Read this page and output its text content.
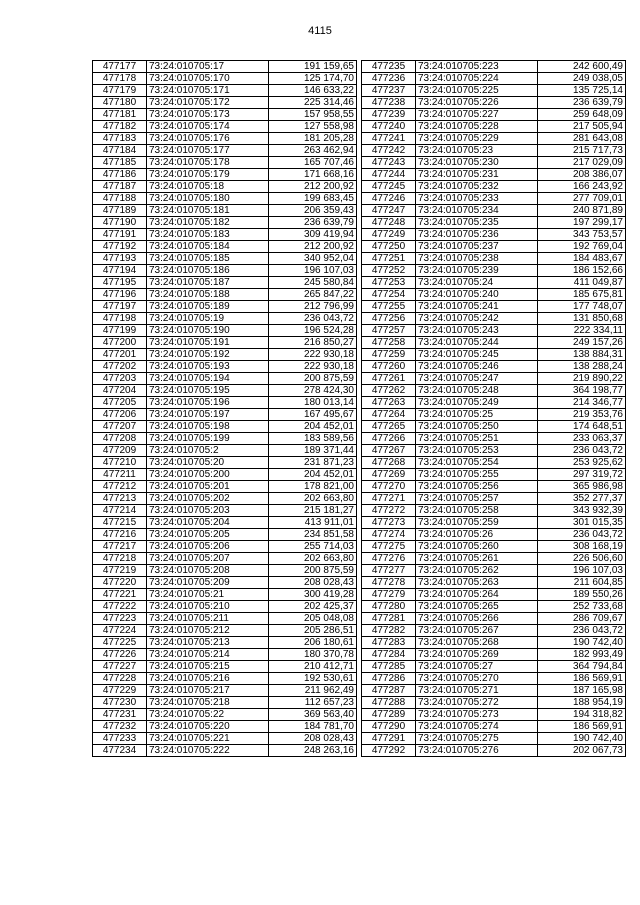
4115
477177	73:24:010705:17	191 159,65
477178	73:24:010705:170	125 174,70
477179	73:24:010705:171	146 633,22
477180	73:24:010705:172	225 314,46
477181	73:24:010705:173	157 958,55
477182	73:24:010705:174	127 558,98
477183	73:24:010705:176	181 205,28
477184	73:24:010705:177	263 462,94
477185	73:24:010705:178	165 707,46
477186	73:24:010705:179	171 668,16
477187	73:24:010705:18	212 200,92
477188	73:24:010705:180	199 683,45
477189	73:24:010705:181	206 359,43
477190	73:24:010705:182	236 639,79
477191	73:24:010705:183	309 419,94
477192	73:24:010705:184	212 200,92
477193	73:24:010705:185	340 952,04
477194	73:24:010705:186	196 107,03
477195	73:24:010705:187	245 580,84
477196	73:24:010705:188	265 847,22
477197	73:24:010705:189	212 796,99
477198	73:24:010705:19	236 043,72
477199	73:24:010705:190	196 524,28
477200	73:24:010705:191	216 850,27
477201	73:24:010705:192	222 930,18
477202	73:24:010705:193	222 930,18
477203	73:24:010705:194	200 875,59
477204	73:24:010705:195	278 424,30
477205	73:24:010705:196	180 013,14
477206	73:24:010705:197	167 495,67
477207	73:24:010705:198	204 452,01
477208	73:24:010705:199	183 589,56
477209	73:24:010705:2	189 371,44
477210	73:24:010705:20	231 871,23
477211	73:24:010705:200	204 452,01
477212	73:24:010705:201	178 821,00
477213	73:24:010705:202	202 663,80
477214	73:24:010705:203	215 181,27
477215	73:24:010705:204	413 911,01
477216	73:24:010705:205	234 851,58
477217	73:24:010705:206	255 714,03
477218	73:24:010705:207	202 663,80
477219	73:24:010705:208	200 875,59
477220	73:24:010705:209	208 028,43
477221	73:24:010705:21	300 419,28
477222	73:24:010705:210	202 425,37
477223	73:24:010705:211	205 048,08
477224	73:24:010705:212	205 286,51
477225	73:24:010705:213	206 180,61
477226	73:24:010705:214	180 370,78
477227	73:24:010705:215	210 412,71
477228	73:24:010705:216	192 530,61
477229	73:24:010705:217	211 962,49
477230	73:24:010705:218	112 657,23
477231	73:24:010705:22	369 563,40
477232	73:24:010705:220	184 781,70
477233	73:24:010705:221	208 028,43
477234	73:24:010705:222	248 263,16
477235	73:24:010705:223	242 600,49
477236	73:24:010705:224	249 038,05
477237	73:24:010705:225	135 725,14
477238	73:24:010705:226	236 639,79
477239	73:24:010705:227	259 648,09
477240	73:24:010705:228	217 505,94
477241	73:24:010705:229	281 643,08
477242	73:24:010705:23	215 717,73
477243	73:24:010705:230	217 029,09
477244	73:24:010705:231	208 386,07
477245	73:24:010705:232	166 243,92
477246	73:24:010705:233	277 709,01
477247	73:24:010705:234	240 871,89
477248	73:24:010705:235	197 299,17
477249	73:24:010705:236	343 753,57
477250	73:24:010705:237	192 769,04
477251	73:24:010705:238	184 483,67
477252	73:24:010705:239	186 152,66
477253	73:24:010705:24	411 049,87
477254	73:24:010705:240	185 675,81
477255	73:24:010705:241	177 748,07
477256	73:24:010705:242	131 850,68
477257	73:24:010705:243	222 334,11
477258	73:24:010705:244	249 157,26
477259	73:24:010705:245	138 884,31
477260	73:24:010705:246	138 288,24
477261	73:24:010705:247	219 890,22
477262	73:24:010705:248	364 198,77
477263	73:24:010705:249	214 346,77
477264	73:24:010705:25	219 353,76
477265	73:24:010705:250	174 648,51
477266	73:24:010705:251	233 063,37
477267	73:24:010705:253	236 043,72
477268	73:24:010705:254	253 925,62
477269	73:24:010705:255	297 319,72
477270	73:24:010705:256	365 986,98
477271	73:24:010705:257	352 277,37
477272	73:24:010705:258	343 932,39
477273	73:24:010705:259	301 015,35
477274	73:24:010705:26	236 043,72
477275	73:24:010705:260	308 168,19
477276	73:24:010705:261	226 506,60
477277	73:24:010705:262	196 107,03
477278	73:24:010705:263	211 604,85
477279	73:24:010705:264	189 550,26
477280	73:24:010705:265	252 733,68
477281	73:24:010705:266	286 709,67
477282	73:24:010705:267	236 043,72
477283	73:24:010705:268	190 742,40
477284	73:24:010705:269	182 993,49
477285	73:24:010705:27	364 794,84
477286	73:24:010705:270	186 569,91
477287	73:24:010705:271	187 165,98
477288	73:24:010705:272	188 954,19
477289	73:24:010705:273	194 318,82
477290	73:24:010705:274	186 569,91
477291	73:24:010705:275	190 742,40
477292	73:24:010705:276	202 067,73
